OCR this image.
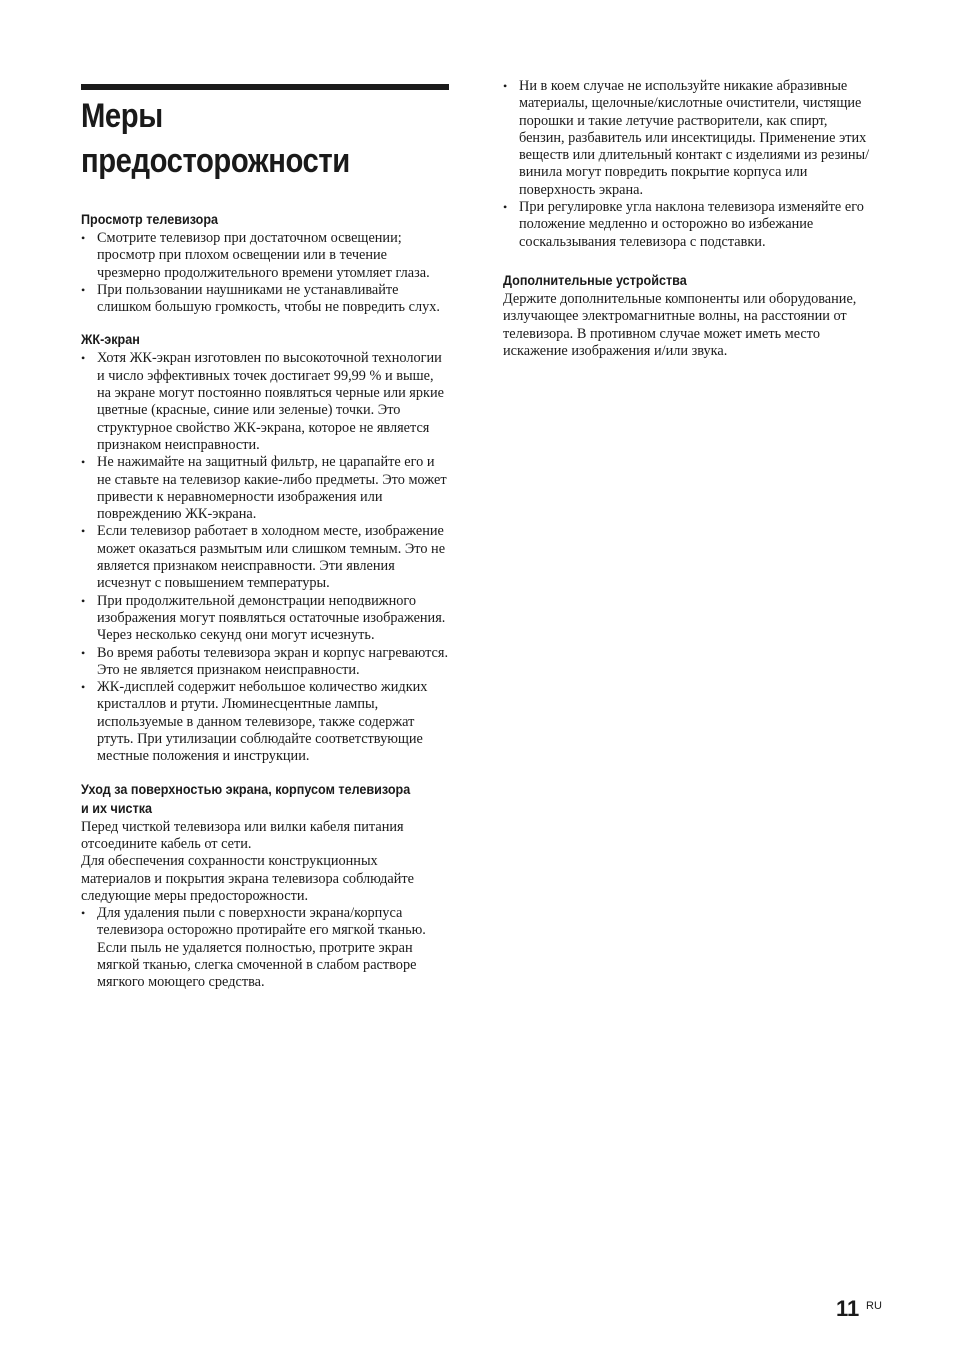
Меры
предосторожности
Просмотр телевизора
• Смотрите телевизор при достаточном освещении; просмотр при плохом освещении или в течение чрезмерно продолжительного времени утомляет глаза.
• При пользовании наушниками не устанавливайте слишком большую громкость, чтобы не повредить слух.
ЖК-экран
• Хотя ЖК-экран изготовлен по высокоточной технологии и число эффективных точек достигает 99,99 % и выше, на экране могут постоянно появляться черные или яркие цветные (красные, синие или зеленые) точки. Это структурное свойство ЖК-экрана, которое не является признаком неисправности.
• Не нажимайте на защитный фильтр, не царапайте его и не ставьте на телевизор какие-либо предметы. Это может привести к неравномерности изображения или повреждению ЖК-экрана.
• Если телевизор работает в холодном месте, изображение может оказаться размытым или слишком темным. Это не является признаком неисправности. Эти явления исчезнут с повышением температуры.
• При продолжительной демонстрации неподвижного изображения могут появляться остаточные изображения. Через несколько секунд они могут исчезнуть.
• Во время работы телевизора экран и корпус нагреваются. Это не является признаком неисправности.
• ЖК-дисплей содержит небольшое количество жидких кристаллов и ртути. Люминесцентные лампы, используемые в данном телевизоре, также содержат ртуть. При утилизации соблюдайте соответствующие местные положения и инструкции.
Уход за поверхностью экрана, корпусом телевизора и их чистка

Перед чисткой телевизора или вилки кабеля питания отсоедините кабель от сети.

Для обеспечения сохранности конструкционных материалов и покрытия экрана телевизора соблюдайте следующие меры предосторожности.

• Для удаления пыли с поверхности экрана/корпуса телевизора осторожно протирайте его мягкой тканью. Если пыль не удаляется полностью, протрите экран мягкой тканью, слегка смоченной в слабом растворе мягкого моющего средства.
• Ни в коем случае не используйте никакие абразивные материалы, щелочные/кислотные очистители, чистящие порошки и такие летучие растворители, как спирт, бензин, разбавитель или инсектициды. Применение этих веществ или длительный контакт с изделиями из резины/винила могут повредить покрытие корпуса или поверхность экрана.
• При регулировке угла наклона телевизора изменяйте его положение медленно и осторожно во избежание соскальзывания телевизора с подставки.
Дополнительные устройства

Держите дополнительные компоненты или оборудование, излучающее электромагнитные волны, на расстоянии от телевизора. В противном случае может иметь место искажение изображения и/или звука.

11 RU
